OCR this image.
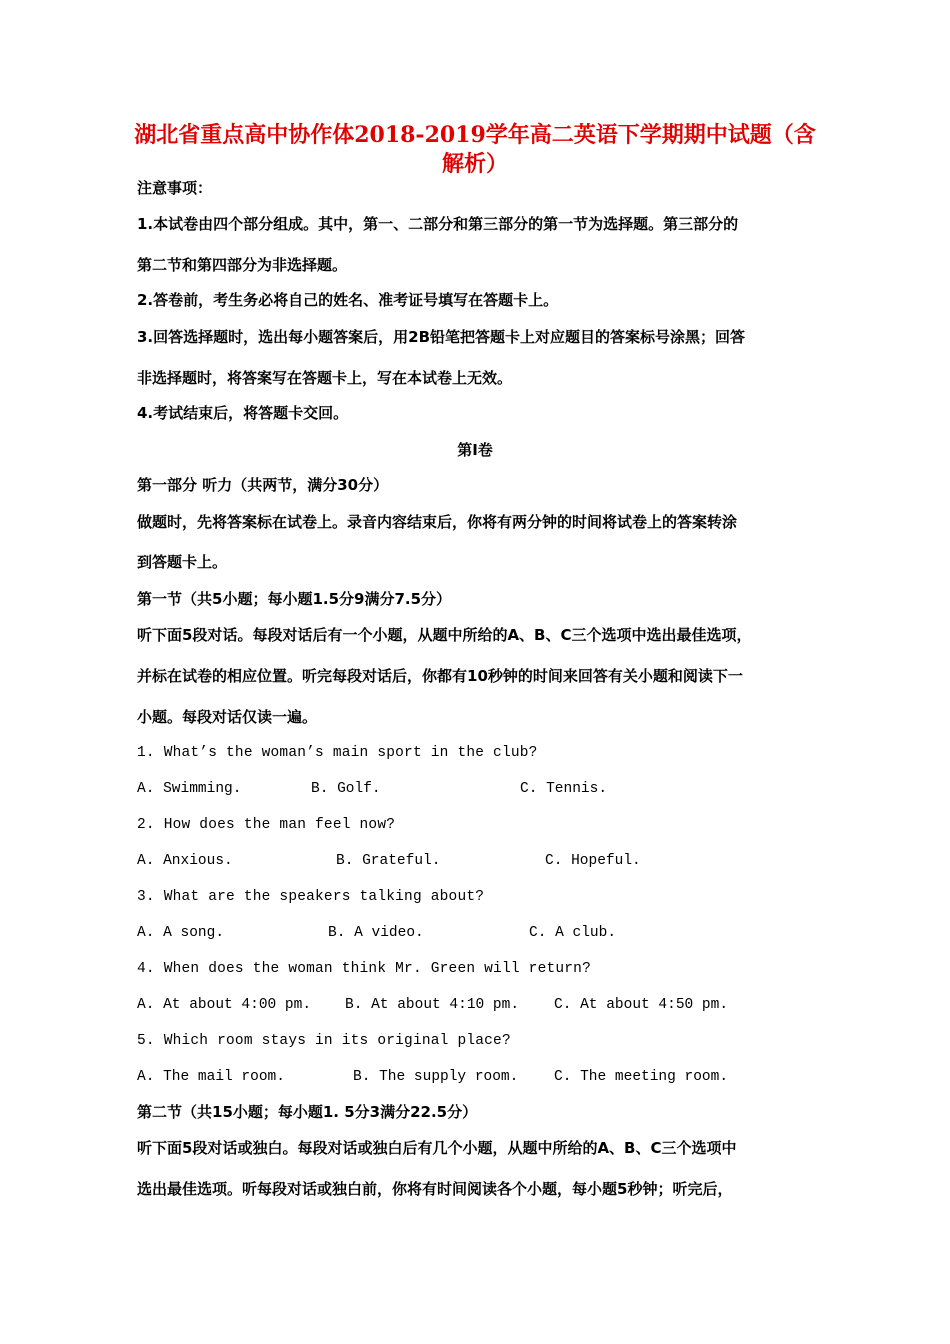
湖北省重点高中协作体2018-2019学年高二英语下学期期中试题（含
解析）
注意事项：
1.本试卷由四个部分组成。其中，第一、二部分和第三部分的第一节为选择题。第三部分的
第二节和第四部分为非选择题。
2.答卷前，考生务必将自己的姓名、准考证号填写在答题卡上。
3.回答选择题时，选出每小题答案后，用2B铅笔把答题卡上对应题目的答案标号涂黑；回答
非选择题时，将答案写在答题卡上，写在本试卷上无效。
4.考试结束后，将答题卡交回。
第I卷
第一部分 听力（共两节，满分30分）
做题时，先将答案标在试卷上。录音内容结束后，你将有两分钟的时间将试卷上的答案转涂
到答题卡上。
第一节（共5小题；每小题1.5分9满分7.5分）
听下面5段对话。每段对话后有一个小题，从题中所给的A、B、C三个选项中选出最佳选项，
并标在试卷的相应位置。听完每段对话后，你都有10秒钟的时间来回答有关小题和阅读下一
小题。每段对话仅读一遍。
1. What’s the woman’s main sport in the club?
A. Swimming.	B. Golf.	C. Tennis.
2. How does the man feel now?
A. Anxious.	B. Grateful.	C. Hopeful.
3. What are the speakers talking about?
A. A song.	B. A video.	C. A club.
4. When does the woman think Mr. Green will return?
A. At about 4:00 pm. B. At about 4:10 pm. C. At about 4:50 pm.
5. Which room stays in its original place?
A. The mail room.	B. The supply room. C. The meeting room.
第二节（共15小题；每小题1. 5分3满分22.5分）
听下面5段对话或独白。每段对话或独白后有几个小题，从题中所给的A、B、C三个选项中
选出最佳选项。听每段对话或独白前，你将有时间阅读各个小题，每小题5秒钟；听完后，
